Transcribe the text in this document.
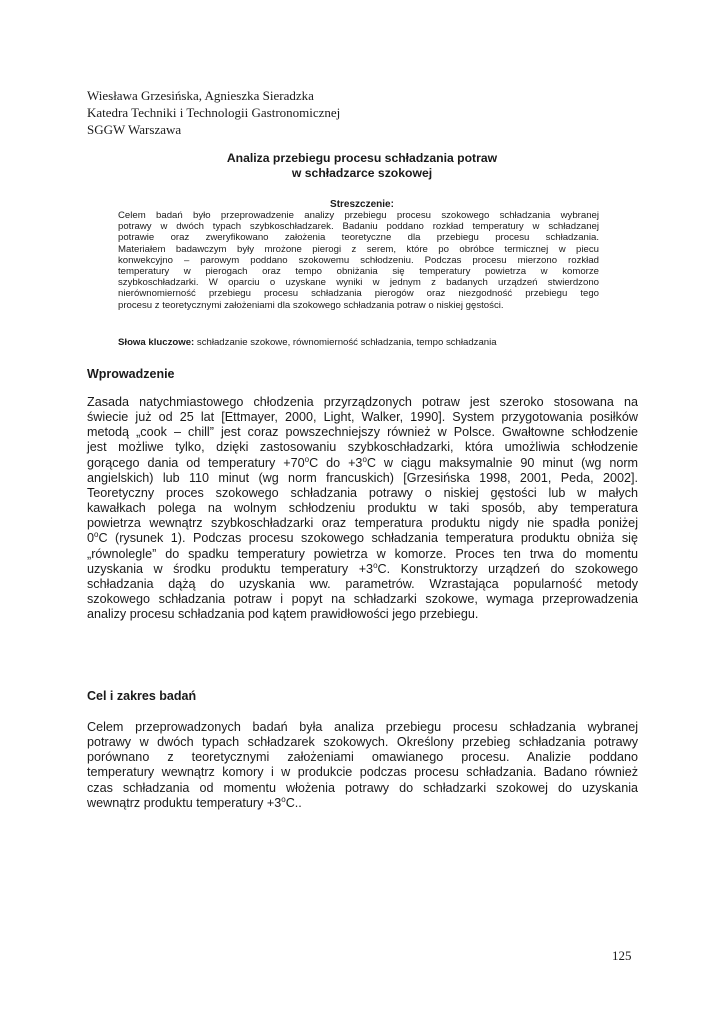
Wiesława Grzesińska, Agnieszka Sieradzka
Katedra Techniki i Technologii Gastronomicznej
SGGW Warszawa
Analiza przebiegu procesu schładzania potraw
w schładzarce szokowej
Streszczenie:
Celem badań było przeprowadzenie analizy przebiegu procesu szokowego schładzania wybranej
potrawy w dwóch typach szybkoschładzarek. Badaniu poddano rozkład temperatury w schładzanej
potrawie oraz zweryfikowano założenia teoretyczne dla przebiegu procesu schładzania.
Materiałem badawczym były mrożone pierogi z serem, które po obróbce termicznej w piecu
konwekcyjno – parowym poddano szokowemu schłodzeniu. Podczas procesu mierzono rozkład
temperatury w pierogach oraz tempo obniżania się temperatury powietrza w komorze
szybkoschładzarki. W oparciu o uzyskane wyniki w jednym z badanych urządzeń stwierdzono
nierównomierność przebiegu procesu schładzania pierogów oraz niezgodność przebiegu tego
procesu z teoretycznymi założeniami dla szokowego schładzania potraw o niskiej gęstości.
Słowa kluczowe: schładzanie szokowe, równomierność schładzania, tempo schładzania
Wprowadzenie
Zasada natychmiastowego chłodzenia przyrządzonych potraw jest szeroko stosowana na
świecie już od 25 lat [Ettmayer, 2000, Light, Walker, 1990]. System przygotowania posiłków
metodą „cook – chill” jest coraz powszechniejszy również w Polsce. Gwałtowne schłodzenie
jest możliwe tylko, dzięki zastosowaniu szybkoschładzarki, która umożliwia schłodzenie
gorącego dania od temperatury $+70^oC$ do $+3^oC$ w ciągu maksymalnie 90 minut (wg norm
angielskich) lub 110 minut (wg norm francuskich) [Grzesińska 1998, 2001, Peda, 2002].
Teoretyczny proces szokowego schładzania potrawy o niskiej gęstości lub w małych
kawałkach polega na wolnym schłodzeniu produktu w taki sposób, aby temperatura
powietrza wewnątrz szybkoschładzarki oraz temperatura produktu nigdy nie spadła poniżej
0$^o$C (rysunek 1). Podczas procesu szokowego schładzania temperatura produktu obniża się
„równolegle” do spadku temperatury powietrza w komorze. Proces ten trwa do momentu
uzyskania w środku produktu temperatury $+3^oC$. Konstruktorzy urządzeń do szokowego
schładzania dążą do uzyskania ww. parametrów. Wzrastająca popularność metody
szokowego schładzania potraw i popyt na schładzarki szokowe, wymaga przeprowadzenia
analizy procesu schładzania pod kątem prawidłowości jego przebiegu.
Cel i zakres badań
Celem przeprowadzonych badań była analiza przebiegu procesu schładzania wybranej
potrawy w dwóch typach schładzarek szokowych. Określony przebieg schładzania potrawy
porównano z teoretycznymi założeniami omawianego procesu. Analizie poddano
temperatury wewnątrz komory i w produkcie podczas procesu schładzania. Badano również
czas schładzania od momentu włożenia potrawy do schładzarki szokowej do uzyskania
wewnątrz produktu temperatury $+3^oC$..
125
